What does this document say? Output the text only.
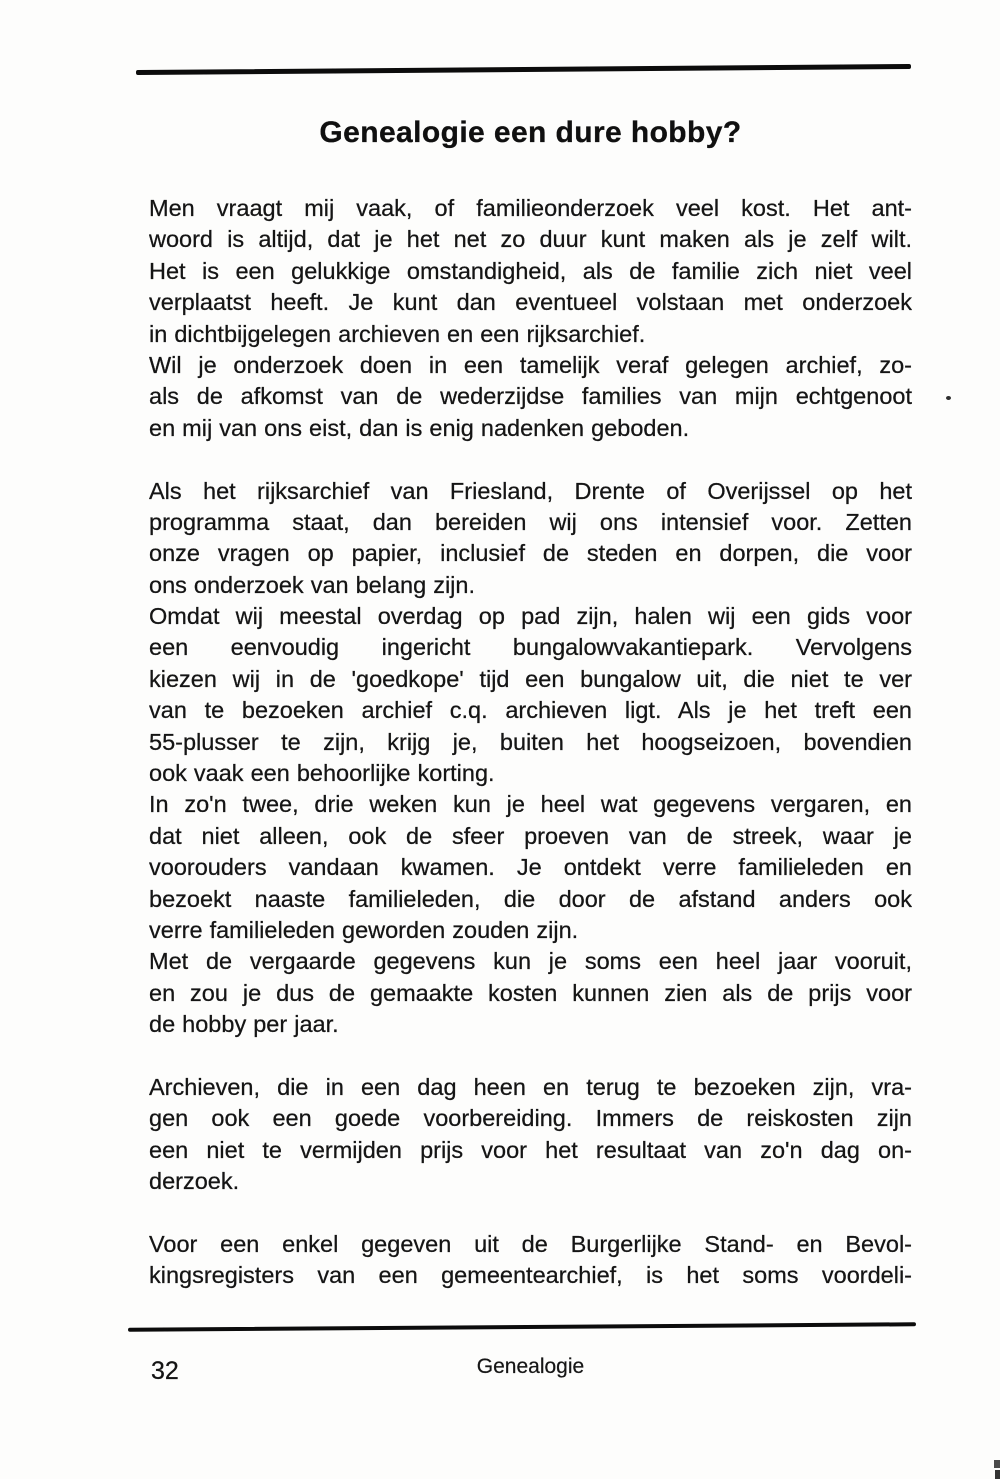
Genealogie een dure hobby?
Men vraagt mij vaak, of familieonderzoek veel kost. Het ant-
woord is altijd, dat je het net zo duur kunt maken als je zelf wilt.
Het is een gelukkige omstandigheid, als de familie zich niet veel
verplaatst heeft. Je kunt dan eventueel volstaan met onderzoek
in dichtbijgelegen archieven en een rijksarchief.
Wil je onderzoek doen in een tamelijk veraf gelegen archief, zo-
als de afkomst van de wederzijdse families van mijn echtgenoot
en mij van ons eist, dan is enig nadenken geboden.
Als het rijksarchief van Friesland, Drente of Overijssel op het
programma staat, dan bereiden wij ons intensief voor. Zetten
onze vragen op papier, inclusief de steden en dorpen, die voor
ons onderzoek van belang zijn.
Omdat wij meestal overdag op pad zijn, halen wij een gids voor
een eenvoudig ingericht bungalowvakantiepark. Vervolgens
kiezen wij in de 'goedkope' tijd een bungalow uit, die niet te ver
van te bezoeken archief c.q. archieven ligt. Als je het treft een
55-plusser te zijn, krijg je, buiten het hoogseizoen, bovendien
ook vaak een behoorlijke korting.
In zo'n twee, drie weken kun je heel wat gegevens vergaren, en
dat niet alleen, ook de sfeer proeven van de streek, waar je
voorouders vandaan kwamen. Je ontdekt verre familieleden en
bezoekt naaste familieleden, die door de afstand anders ook
verre familieleden geworden zouden zijn.
Met de vergaarde gegevens kun je soms een heel jaar vooruit,
en zou je dus de gemaakte kosten kunnen zien als de prijs voor
de hobby per jaar.
Archieven, die in een dag heen en terug te bezoeken zijn, vra-
gen ook een goede voorbereiding. Immers de reiskosten zijn
een niet te vermijden prijs voor het resultaat van zo'n dag on-
derzoek.
Voor een enkel gegeven uit de Burgerlijke Stand- en Bevol-
kingsregisters van een gemeentearchief, is het soms voordeli-
32	Genealogie
